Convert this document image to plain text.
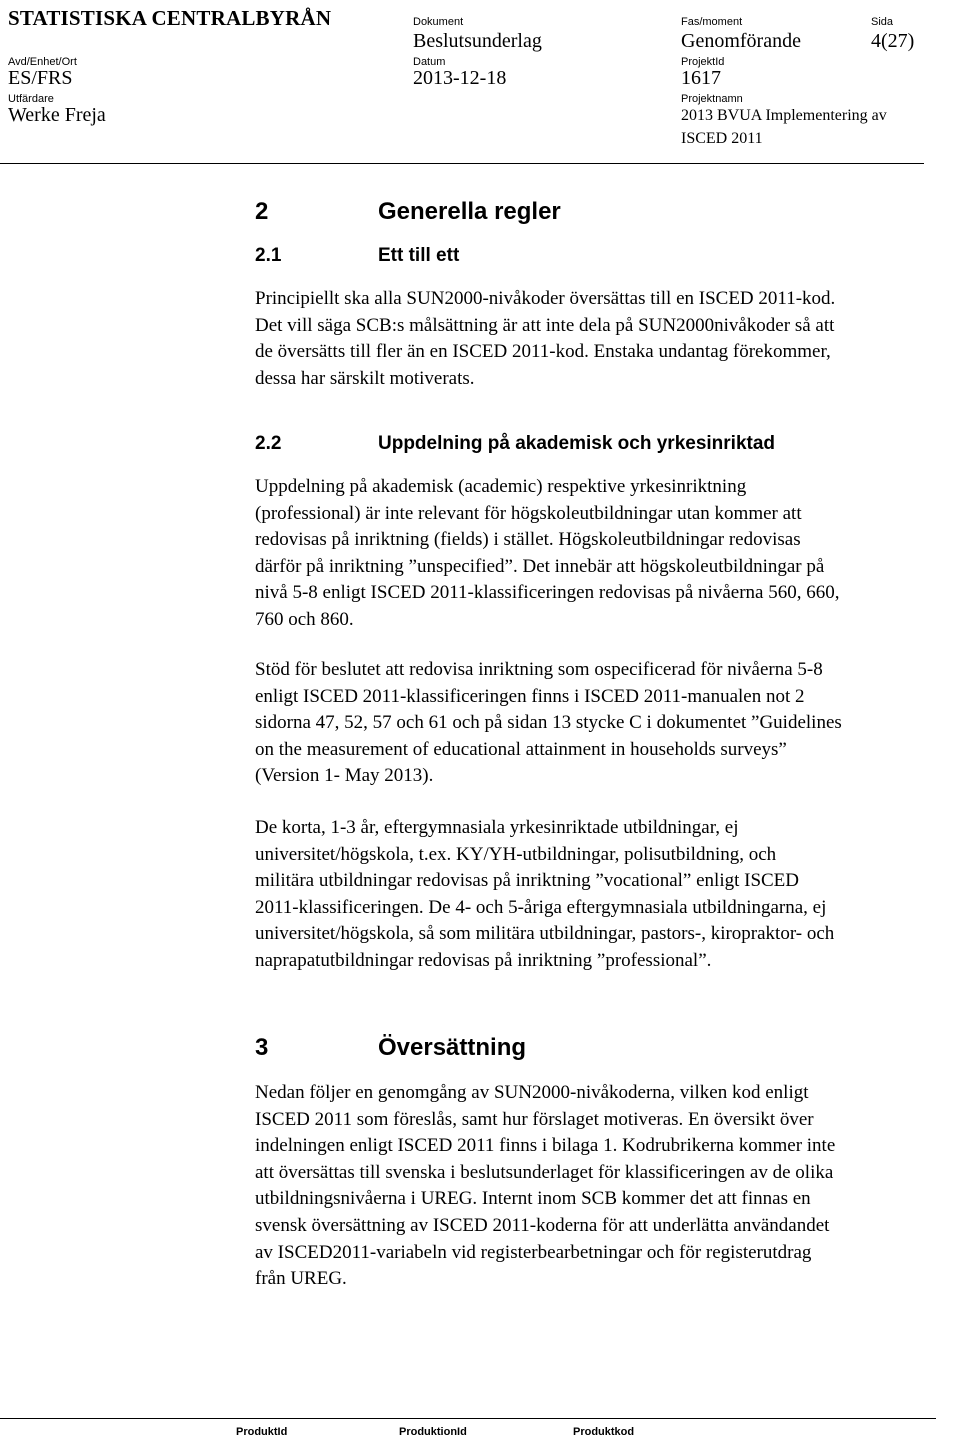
STATISTISKA CENTRALBYRÅN	Dokument
Beslutsunderlag
Fas/moment
Genomförande
Sida
4(27)
Avd/Enhet/Ort
ES/FRS
Datum
2013-12-18
ProjektId
1617
Utfärdare
Werke Freja
Projektnamn
2013 BVUA Implementering av
ISCED 2011
2	Generella regler
2.1	Ett till ett
Principiellt ska alla SUN2000-nivåkoder översättas till en ISCED 2011-kod.
Det vill säga SCB:s målsättning är att inte dela på SUN2000nivåkoder så att
de översätts till fler än en ISCED 2011-kod. Enstaka undantag förekommer,
dessa har särskilt motiverats.
2.2	Uppdelning på akademisk och yrkesinriktad
Uppdelning på akademisk (academic) respektive yrkesinriktning
(professional) är inte relevant för högskoleutbildningar utan kommer att
redovisas på inriktning (fields) i stället. Högskoleutbildningar redovisas
därför på inriktning ”unspecified”. Det innebär att högskoleutbildningar på
nivå 5-8 enligt ISCED 2011-klassificeringen redovisas på nivåerna 560, 660,
760 och 860.
Stöd för beslutet att redovisa inriktning som ospecificerad för nivåerna 5-8
enligt ISCED 2011-klassificeringen finns i ISCED 2011-manualen not 2
sidorna 47, 52, 57 och 61 och på sidan 13 stycke C i dokumentet ”Guidelines
on the measurement of educational attainment in households surveys”
(Version 1- May 2013).
De korta, 1-3 år, eftergymnasiala yrkesinriktade utbildningar, ej
universitet/högskola, t.ex. KY/YH-utbildningar, polisutbildning, och
militära utbildningar redovisas på inriktning ”vocational” enligt ISCED
2011-klassificeringen. De 4- och 5-åriga eftergymnasiala utbildningarna, ej
universitet/högskola, så som militära utbildningar, pastors-, kiropraktor- och
naprapatutbildningar redovisas på inriktning ”professional”.
3	Översättning
Nedan följer en genomgång av SUN2000-nivåkoderna, vilken kod enligt
ISCED 2011 som föreslås, samt hur förslaget motiveras. En översikt över
indelningen enligt ISCED 2011 finns i bilaga 1. Kodrubrikerna kommer inte
att översättas till svenska i beslutsunderlaget för klassificeringen av de olika
utbildningsnivåerna i UREG. Internt inom SCB kommer det att finnas en
svensk översättning av ISCED 2011-koderna för att underlätta användandet
av ISCED2011-variabeln vid registerbearbetningar och för registerutdrag
från UREG.
ProduktId	ProduktionId	Produktkod
